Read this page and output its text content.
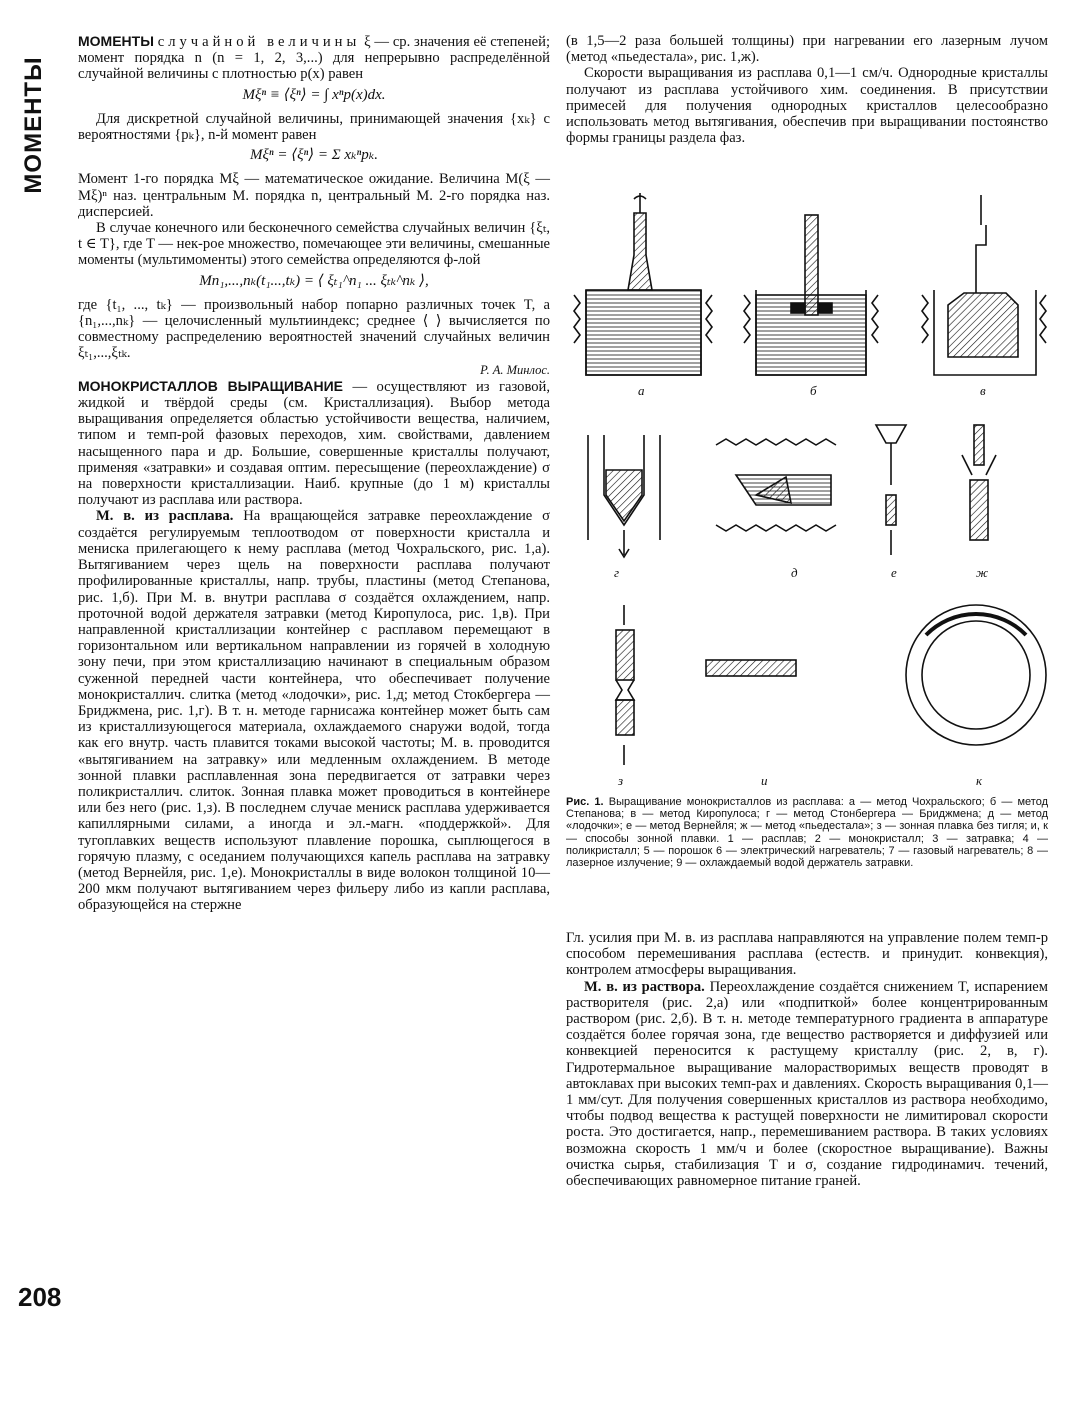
МОМЕНТЫ
208

МОМЕНТЫ случайной величины ξ — ср. значения её степеней; момент порядка n (n = 1, 2, 3,...) для непрерывно распределённой случайной величины с плотностью p(x) равен

Mξⁿ ≡ ⟨ξⁿ⟩ = ∫ xⁿp(x)dx.

Для дискретной случайной величины, принимающей значения {xₖ} с вероятностями {pₖ}, n-й момент равен

Mξⁿ = ⟨ξⁿ⟩ = Σ xₖⁿpₖ.

Момент 1-го порядка Mξ — математическое ожидание. Величина M(ξ — Mξ)ⁿ наз. центральным М. порядка n, центральный М. 2-го порядка наз. дисперсией.

В случае конечного или бесконечного семейства случайных величин {ξₜ, t ∈ T}, где T — нек-рое множество, помечающее эти величины, смешанные моменты (мультимоменты) этого семейства определяются ф-лой

Mn₁,...,nₖ(t₁...,tₖ) = ⟨ ξₜ₁^n₁ ... ξₜₖ^nₖ ⟩,

где {t₁, ..., tₖ} — произвольный набор попарно различных точек T, а {n₁,...,nₖ} — целочисленный мультииндекс; среднее ⟨ ⟩ вычисляется по совместному распределению вероятностей значений случайных величин ξₜ₁,...,ξₜₖ.

Р. А. Минлос.

МОНОКРИСТАЛЛОВ ВЫРАЩИВАНИЕ — осуществляют из газовой, жидкой и твёрдой среды (см. Кристаллизация). Выбор метода выращивания определяется областью устойчивости вещества, наличием, типом и темп-рой фазовых переходов, хим. свойствами, давлением насыщенного пара и др. Большие, совершенные кристаллы получают, применяя «затравки» и создавая оптим. пересыщение (переохлаждение) σ на поверхности кристаллизации. Наиб. крупные (до 1 м) кристаллы получают из расплава или раствора.

М. в. из расплава. На вращающейся затравке переохлаждение σ создаётся регулируемым теплоотводом от поверхности кристалла и мениска прилегающего к нему расплава (метод Чохральского, рис. 1,а). Вытягиванием через щель на поверхности расплава получают профилированные кристаллы, напр. трубы, пластины (метод Степанова, рис. 1,б). При М. в. внутри расплава σ создаётся охлаждением, напр. проточной водой держателя затравки (метод Киропулоса, рис. 1,в). При направленной кристаллизации контейнер с расплавом перемещают в горизонтальном или вертикальном направлении из горячей в холодную зону печи, при этом кристаллизацию начинают в специальным образом суженной передней части контейнера, что обеспечивает получение монокристаллич. слитка (метод «лодочки», рис. 1,д; метод Стокбергера — Бриджмена, рис. 1,г). В т. н. методе гарнисажа контейнер может быть сам из кристаллизующегося материала, охлаждаемого снаружи водой, тогда как его внутр. часть плавится токами высокой частоты; М. в. проводится «вытягиванием на затравку» или медленным охлаждением. В методе зонной плавки расплавленная зона передвигается от затравки через поликристаллич. слиток. Зонная плавка может проводиться в контейнере или без него (рис. 1,з). В последнем случае мениск расплава удерживается капиллярными силами, а иногда и эл.-магн. «поддержкой». Для тугоплавких веществ используют плавление порошка, сыплющегося в горячую плазму, с оседанием получающихся капель расплава на затравку (метод Вернейля, рис. 1,е). Монокристаллы в виде волокон толщиной 10—200 мкм получают вытягиванием через фильеру либо из капли расплава, образующейся на стержне

(в 1,5—2 раза большей толщины) при нагревании его лазерным лучом (метод «пьедестала», рис. 1,ж).

Скорости выращивания из расплава 0,1—1 см/ч. Однородные кристаллы получают из расплава устойчивого хим. соединения. В присутствии примесей для получения однородных кристаллов целесообразно использовать метод вытягивания, обеспечив при выращивании постоянство формы границы раздела фаз.

а	б	в
г	д	е	ж
з	и	к
Рис. 1. Выращивание монокристаллов из расплава: а — метод Чохральского; б — метод Степанова; в — метод Киропулоса; г — метод Стонбергера — Бриджмена; д — метод «лодочки»; е — метод Вернейля; ж — метод «пьедестала»; з — зонная плавка без тигля; и, к — способы зонной плавки. 1 — расплав; 2 — монокристалл; 3 — затравка; 4 — поликристалл; 5 — порошок 6 — электрический нагреватель; 7 — газовый нагреватель; 8 — лазерное излучение; 9 — охлаждаемый водой держатель затравки.

Гл. усилия при М. в. из расплава направляются на управление полем темп-р способом перемешивания расплава (естеств. и принудит. конвекция), контролем атмосферы выращивания.

М. в. из раствора. Переохлаждение создаётся снижением T, испарением растворителя (рис. 2,а) или «подпиткой» более концентрированным раствором (рис. 2,б). В т. н. методе температурного градиента в аппаратуре создаётся более горячая зона, где вещество растворяется и диффузией или конвекцией переносится к растущему кристаллу (рис. 2, в, г). Гидротермальное выращивание малорастворимых веществ проводят в автоклавах при высоких темп-рах и давлениях. Скорость выращивания 0,1—1 мм/сут. Для получения совершенных кристаллов из раствора необходимо, чтобы подвод вещества к растущей поверхности не лимитировал скорости роста. Это достигается, напр., перемешиванием раствора. В таких условиях возможна скорость 1 мм/ч и более (скоростное выращивание). Важны очистка сырья, стабилизация T и σ, создание гидродинамич. течений, обеспечивающих равномерное питание граней.
